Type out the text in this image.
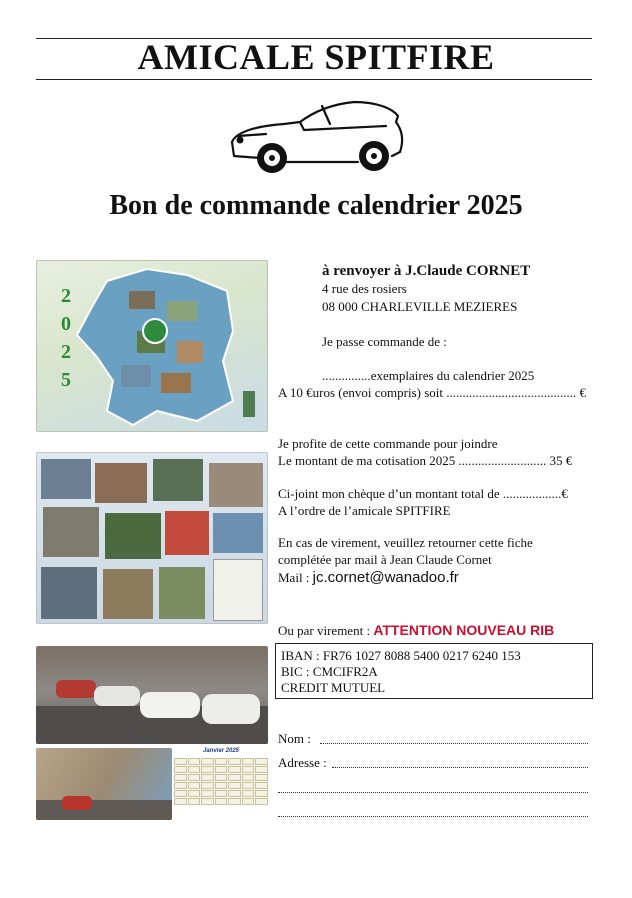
AMICALE SPITFIRE
Bon de commande calendrier 2025
2
0
2
5
Janvier 2025
à renvoyer à J.Claude CORNET
4 rue des rosiers
08 000 CHARLEVILLE MEZIERES
Je passe commande de :
...............exemplaires du calendrier 2025
A 10 €uros (envoi compris) soit ........................................ €
Je profite de cette commande pour joindre
Le montant de ma cotisation 2025 ........................... 35 €
Ci-joint mon chèque d’un montant total de ..................€
A l’ordre de l’amicale SPITFIRE
En cas de virement, veuillez retourner cette fiche
complétée par mail à Jean Claude Cornet
Mail : jc.cornet@wanadoo.fr
Ou par virement : ATTENTION NOUVEAU RIB
IBAN : FR76 1027 8088 5400 0217 6240 153
BIC : CMCIFR2A
CREDIT MUTUEL
Nom :
Adresse :
